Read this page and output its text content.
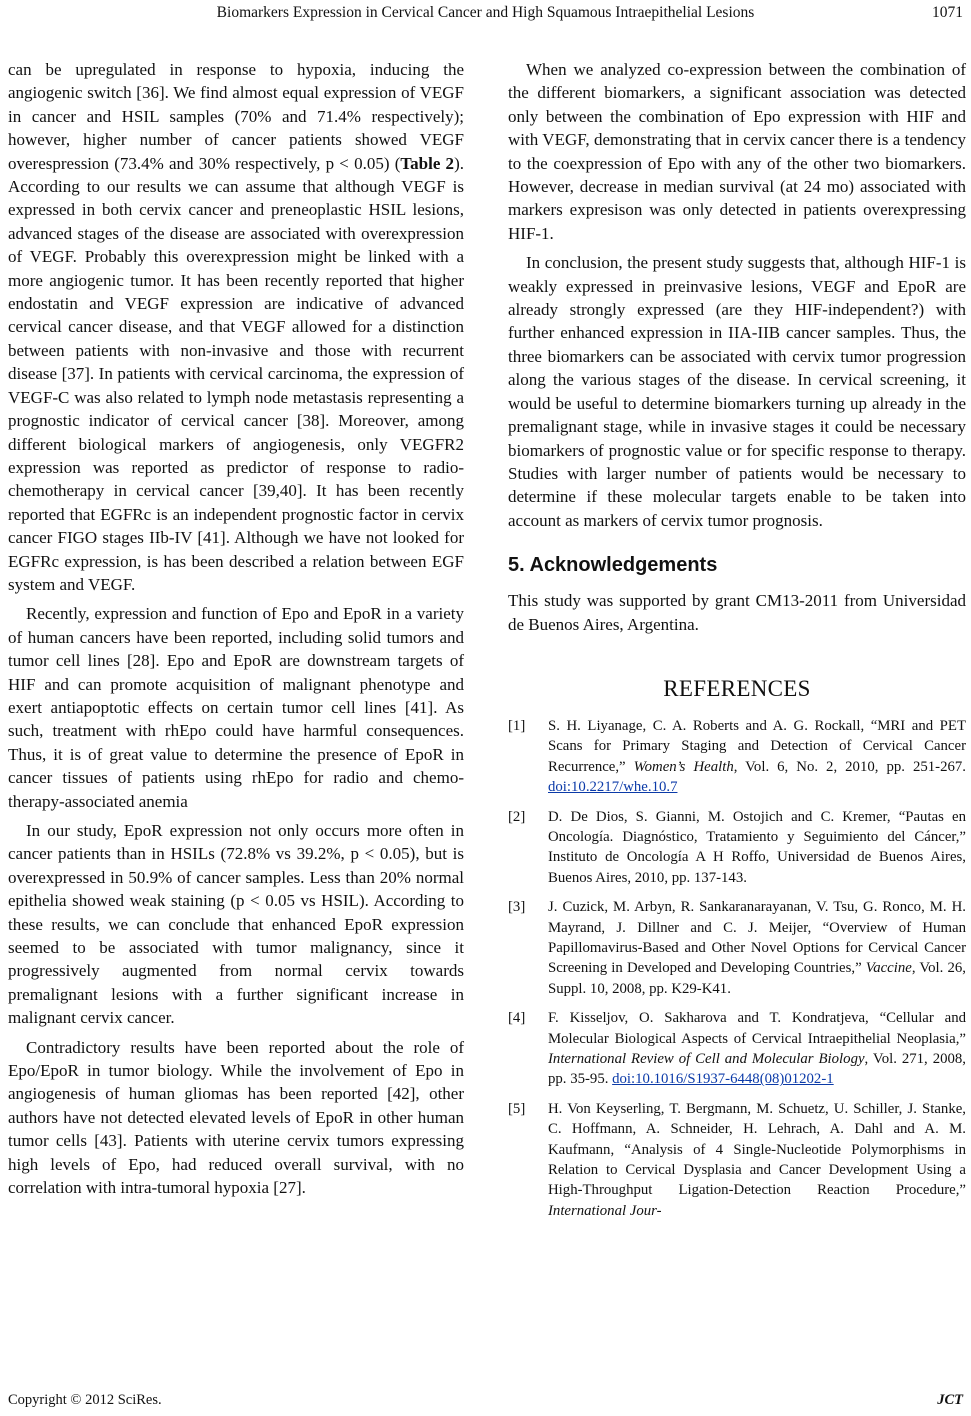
Biomarkers Expression in Cervical Cancer and High Squamous Intraepithelial Lesions	1071

can be upregulated in response to hypoxia, inducing the angiogenic switch [36]. We find almost equal expression of VEGF in cancer and HSIL samples (70% and 71.4% respectively); however, higher number of cancer patients showed VEGF overespression (73.4% and 30% respectively, p < 0.05) (Table 2). According to our results we can assume that although VEGF is expressed in both cervix cancer and preneoplastic HSIL lesions, advanced stages of the disease are associated with overexpression of VEGF. Probably this overexpression might be linked with a more angiogenic tumor. It has been recently reported that higher endostatin and VEGF expression are indicative of advanced cervical cancer disease, and that VEGF allowed for a distinction between patients with non-invasive and those with recurrent disease [37]. In patients with cervical carcinoma, the expression of VEGF-C was also related to lymph node metastasis representing a prognostic indicator of cervical cancer [38]. Moreover, among different biological markers of angiogenesis, only VEGFR2 expression was reported as predictor of response to radio-chemotherapy in cervical cancer [39,40]. It has been recently reported that EGFRc is an independent prognostic factor in cervix cancer FIGO stages IIb-IV [41]. Although we have not looked for EGFRc expression, is has been described a relation between EGF system and VEGF.

Recently, expression and function of Epo and EpoR in a variety of human cancers have been reported, including solid tumors and tumor cell lines [28]. Epo and EpoR are downstream targets of HIF and can promote acquisition of malignant phenotype and exert antiapoptotic effects on certain tumor cell lines [41]. As such, treatment with rhEpo could have harmful consequences. Thus, it is of great value to determine the presence of EpoR in cancer tissues of patients using rhEpo for radio and chemo-therapy-associated anemia

In our study, EpoR expression not only occurs more often in cancer patients than in HSILs (72.8% vs 39.2%, p < 0.05), but is overexpressed in 50.9% of cancer samples. Less than 20% normal epithelia showed weak staining (p < 0.05 vs HSIL). According to these results, we can conclude that enhanced EpoR expression seemed to be associated with tumor malignancy, since it progressively augmented from normal cervix towards premalignant lesions with a further significant increase in malignant cervix cancer.

Contradictory results have been reported about the role of Epo/EpoR in tumor biology. While the involvement of Epo in angiogenesis of human gliomas has been reported [42], other authors have not detected elevated levels of EpoR in other human tumor cells [43]. Patients with uterine cervix tumors expressing high levels of Epo, had reduced overall survival, with no correlation with intra-tumoral hypoxia [27].

When we analyzed co-expression between the combination of the different biomarkers, a significant association was detected only between the combination of Epo expression with HIF and with VEGF, demonstrating that in cervix cancer there is a tendency to the coexpression of Epo with any of the other two biomarkers. However, decrease in median survival (at 24 mo) associated with markers expresison was only detected in patients overexpressing HIF-1.

In conclusion, the present study suggests that, although HIF-1 is weakly expressed in preinvasive lesions, VEGF and EpoR are already strongly expressed (are they HIF-independent?) with further enhanced expression in IIA-IIB cancer samples. Thus, the three biomarkers can be associated with cervix tumor progression along the various stages of the disease. In cervical screening, it would be useful to determine biomarkers turning up already in the premalignant stage, while in invasive stages it could be necessary biomarkers of prognostic value or for specific response to therapy. Studies with larger number of patients would be necessary to determine if these molecular targets enable to be taken into account as markers of cervix tumor prognosis.

5. Acknowledgements

This study was supported by grant CM13-2011 from Universidad de Buenos Aires, Argentina.

REFERENCES
[1]	S. H. Liyanage, C. A. Roberts and A. G. Rockall, “MRI and PET Scans for Primary Staging and Detection of Cervical Cancer Recurrence,” Women’s Health, Vol. 6, No. 2, 2010, pp. 251-267. doi:10.2217/whe.10.7
[2]	D. De Dios, S. Gianni, M. Ostojich and C. Kremer, “Pautas en Oncología. Diagnóstico, Tratamiento y Seguimiento del Cáncer,” Instituto de Oncología A H Roffo, Universidad de Buenos Aires, Buenos Aires, 2010, pp. 137-143.
[3]	J. Cuzick, M. Arbyn, R. Sankaranarayanan, V. Tsu, G. Ronco, M. H. Mayrand, J. Dillner and C. J. Meijer, “Overview of Human Papillomavirus-Based and Other Novel Options for Cervical Cancer Screening in Developed and Developing Countries,” Vaccine, Vol. 26, Suppl. 10, 2008, pp. K29-K41.
[4]	F. Kisseljov, O. Sakharova and T. Kondratjeva, “Cellular and Molecular Biological Aspects of Cervical Intraepithelial Neoplasia,” International Review of Cell and Molecular Biology, Vol. 271, 2008, pp. 35-95. doi:10.1016/S1937-6448(08)01202-1
[5]	H. Von Keyserling, T. Bergmann, M. Schuetz, U. Schiller, J. Stanke, C. Hoffmann, A. Schneider, H. Lehrach, A. Dahl and A. M. Kaufmann, “Analysis of 4 Single-Nucleotide Polymorphisms in Relation to Cervical Dysplasia and Cancer Development Using a High-Throughput Ligation-Detection Reaction Procedure,” International Jour-
Copyright © 2012 SciRes.	JCT
